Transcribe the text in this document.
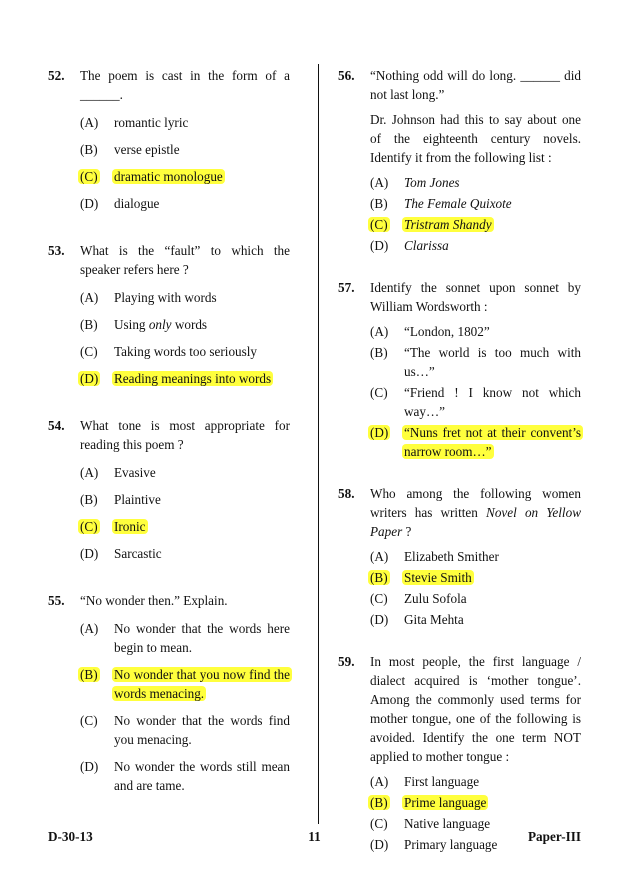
52. The poem is cast in the form of a ______.

(A)	romantic lyric
(B)	verse epistle
(C)	dramatic monologue
(D)	dialogue
53. What is the “fault” to which the speaker refers here ?

(A)	Playing with words
(B)	Using only words
(C)	Taking words too seriously
(D)	Reading meanings into words
54. What tone is most appropriate for reading this poem ?

(A)	Evasive
(B)	Plaintive
(C)	Ironic
(D)	Sarcastic
55. “No wonder then.” Explain.

(A)	No wonder that the words here begin to mean.
(B)	No wonder that you now find the words menacing.
(C)	No wonder that the words find you menacing.
(D)	No wonder the words still mean and are tame.
56. “Nothing odd will do long. ______ did not last long.”

Dr. Johnson had this to say about one of the eighteenth century novels. Identify it from the following list :

(A)	Tom Jones
(B)	The Female Quixote
(C)	Tristram Shandy
(D)	Clarissa
57. Identify the sonnet upon sonnet by William Wordsworth :

(A)	“London, 1802”
(B)	“The world is too much with us…”
(C)	“Friend ! I know not which way…”
(D)	“Nuns fret not at their convent’s narrow room…”
58. Who among the following women writers has written Novel on Yellow Paper ?

(A)	Elizabeth Smither
(B)	Stevie Smith
(C)	Zulu Sofola
(D)	Gita Mehta
59. In most people, the first language / dialect acquired is ‘mother tongue’. Among the commonly used terms for mother tongue, one of the following is avoided. Identify the one term NOT applied to mother tongue :

(A)	First language
(B)	Prime language
(C)	Native language
(D)	Primary language
D-30-13	11	Paper-III
